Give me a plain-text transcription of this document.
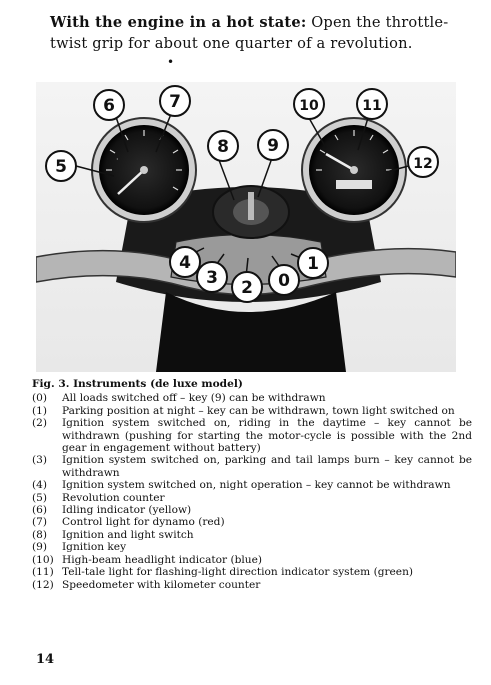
With the engine in a hot state: Open the throttle-twist grip for about one quarter of a revolution.
•
·
6	7
5
8 9
10	11
12
4
3 2 0
1
Fig. 3. Instruments (de luxe model)
(0)	All loads switched off – key (9) can be withdrawn
(1)	Parking position at night – key can be withdrawn, town light switched on
(2)	Ignition system switched on, riding in the daytime – key cannot be withdrawn (pushing for starting the motor-cycle is possible with the 2nd gear in engagement without battery)
(3)	Ignition system switched on, parking and tail lamps burn – key cannot be withdrawn
(4)	Ignition system switched on, night operation – key cannot be withdrawn
(5)	Revolution counter
(6)	Idling indicator (yellow)
(7)	Control light for dynamo (red)
(8)	Ignition and light switch
(9)	Ignition key
(10) High-beam headlight indicator (blue)
(11) Tell-tale light for flashing-light direction indicator system (green)
(12) Speedometer with kilometer counter
14
